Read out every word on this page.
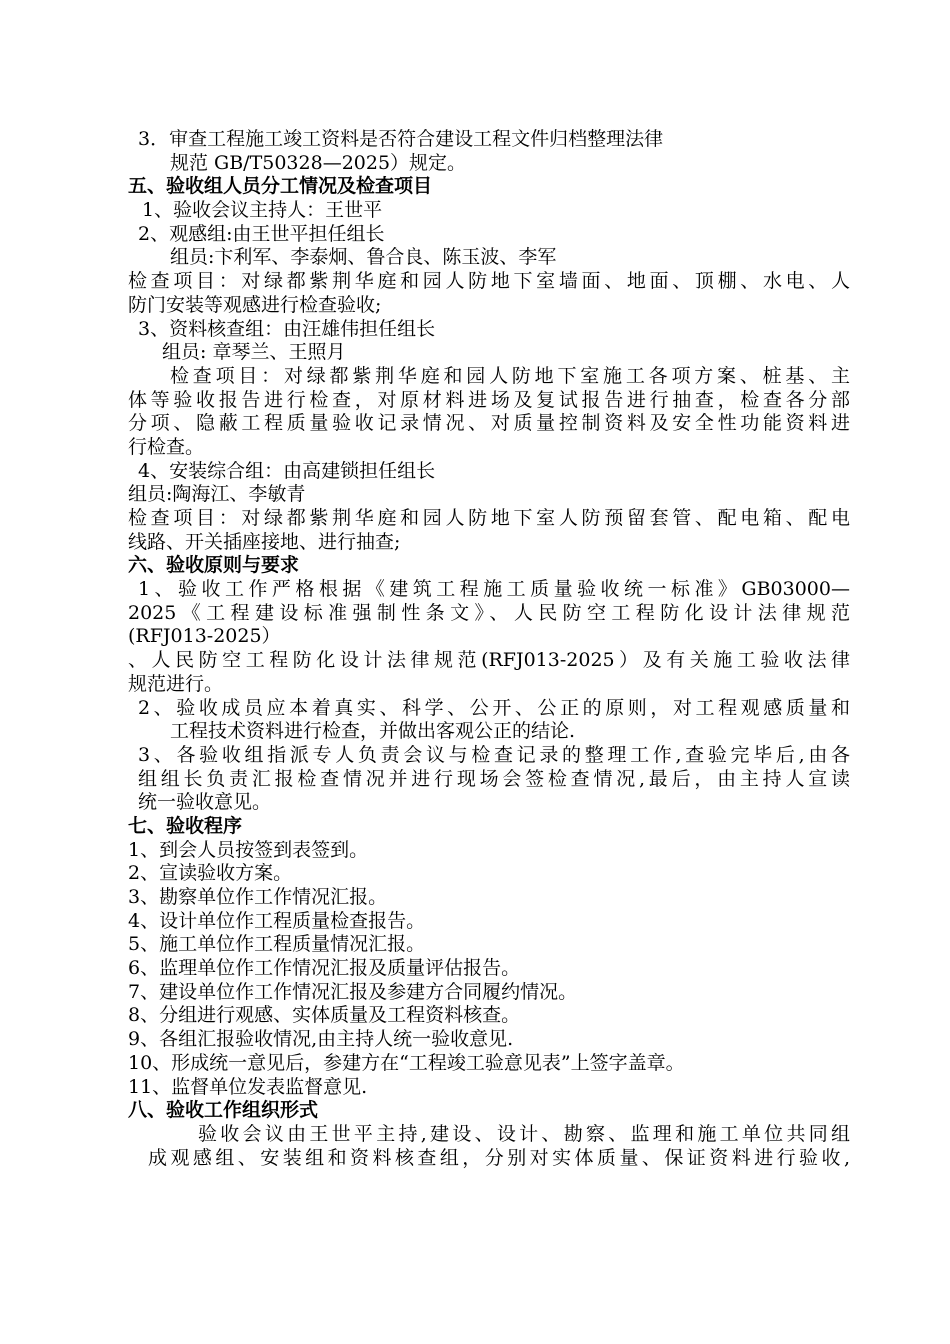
3．审查工程施工竣工资料是否符合建设工程文件归档整理法律
规范 GB/T50328—2025）规定。
五、验收组人员分工情况及检查项目
1、验收会议主持人：王世平
2、观感组:由王世平担任组长
组员:卞利军、李泰炯、鲁合良、陈玉波、李军
检查项目：对绿都紫荆华庭和园人防地下室墙面、地面、顶棚、水电、人
防门安装等观感进行检查验收;
3、资料核查组：由汪雄伟担任组长
组员: 章琴兰、王照月
检查项目：对绿都紫荆华庭和园人防地下室施工各项方案、桩基、主
体等验收报告进行检查，对原材料进场及复试报告进行抽查，检查各分部
分项、隐蔽工程质量验收记录情况、对质量控制资料及安全性功能资料进
行检查。
4、安装综合组：由高建锁担任组长
组员:陶海江、李敏青
检查项目：对绿都紫荆华庭和园人防地下室人防预留套管、配电箱、配电
线路、开关插座接地、进行抽查;
六、验收原则与要求
1、验收工作严格根据《建筑工程施工质量验收统一标准》GB03000—
2025《工程建设标准强制性条文》、人民防空工程防化设计法律规范
(RFJ013-2025）
、人民防空工程防化设计法律规范(RFJ013-2025）及有关施工验收法律
规范进行。
2、验收成员应本着真实、科学、公开、公正的原则，对工程观感质量和
工程技术资料进行检查，并做出客观公正的结论.
3、各验收组指派专人负责会议与检查记录的整理工作,查验完毕后,由各
组组长负责汇报检查情况并进行现场会签检查情况,最后，由主持人宣读
统一验收意见。
七、验收程序
1、到会人员按签到表签到。
2、宣读验收方案。
3、勘察单位作工作情况汇报。
4、设计单位作工程质量检查报告。
5、施工单位作工程质量情况汇报。
6、监理单位作工作情况汇报及质量评估报告。
7、建设单位作工作情况汇报及参建方合同履约情况。
8、分组进行观感、实体质量及工程资料核查。
9、各组汇报验收情况,由主持人统一验收意见.
10、形成统一意见后，参建方在“工程竣工验意见表”上签字盖章。
11、监督单位发表监督意见.
八、验收工作组织形式
验收会议由王世平主持,建设、设计、勘察、监理和施工单位共同组
成观感组、安装组和资料核查组，分别对实体质量、保证资料进行验收,
